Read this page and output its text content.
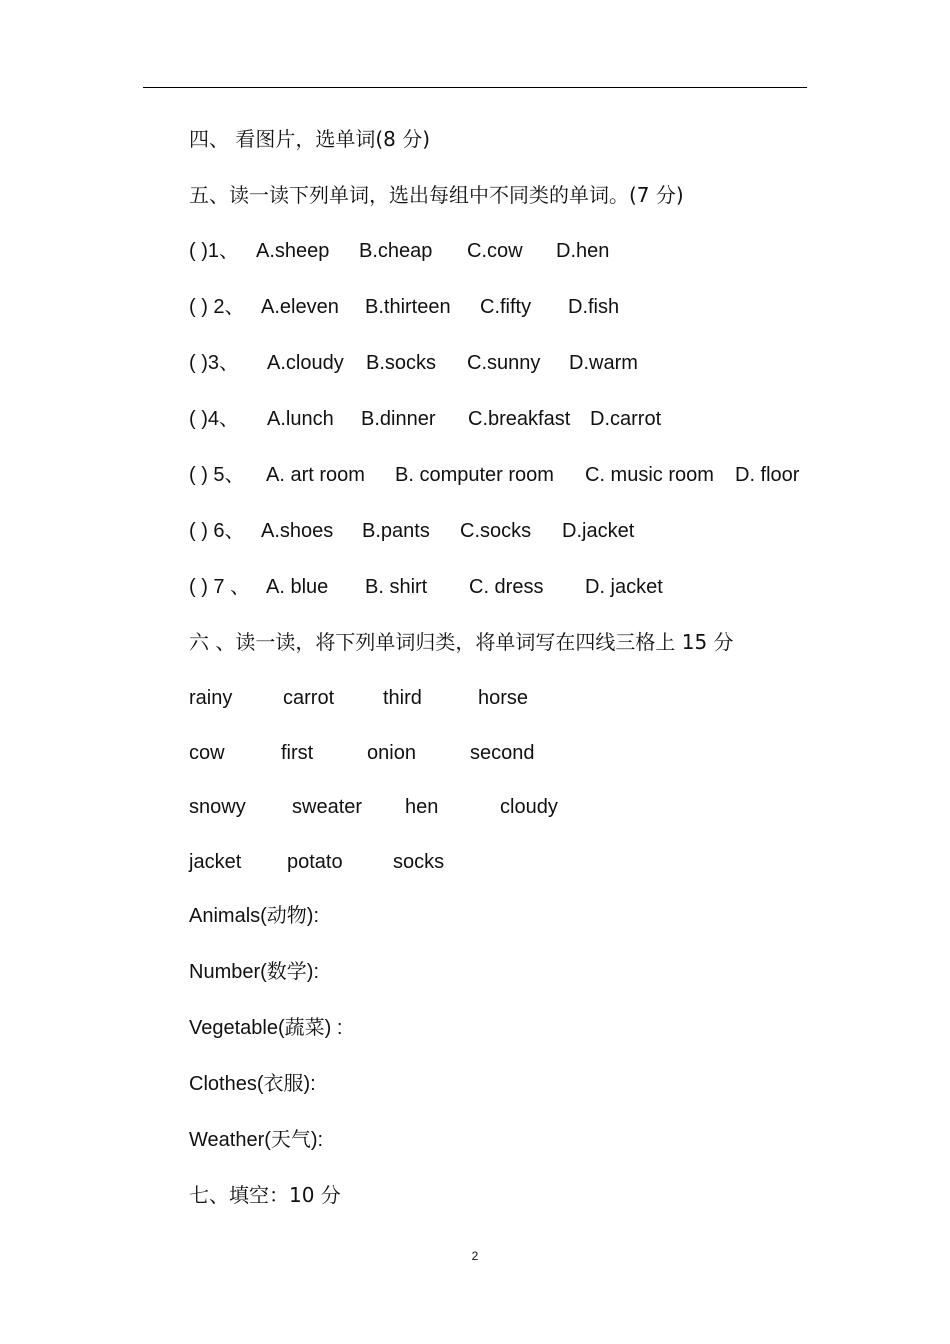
四、 看图片，选单词(8 分)
五、读一读下列单词，选出每组中不同类的单词。(7 分)
( )1、 A.sheep B.cheap C.cow D.hen
( ) 2、 A.eleven B.thirteen C.fifty D.fish
( )3、 A.cloudy B.socks C.sunny D.warm
( )4、 A.lunch B.dinner C.breakfast D.carrot
( ) 5、 A. art room B. computer room C. music room D. floor
( ) 6、 A.shoes B.pants C.socks D.jacket
( ) 7 、 A. blue B. shirt C. dress D. jacket
六 、读一读，将下列单词归类，将单词写在四线三格上 15 分
rainy	carrot third	horse
cow	first	onion	second
snowy sweater hen	cloudy
jacket potato	socks
Animals(动物):
Number(数学):
Vegetable(蔬菜) :
Clothes(衣服):
Weather(天气):
七、填空：10 分
2
